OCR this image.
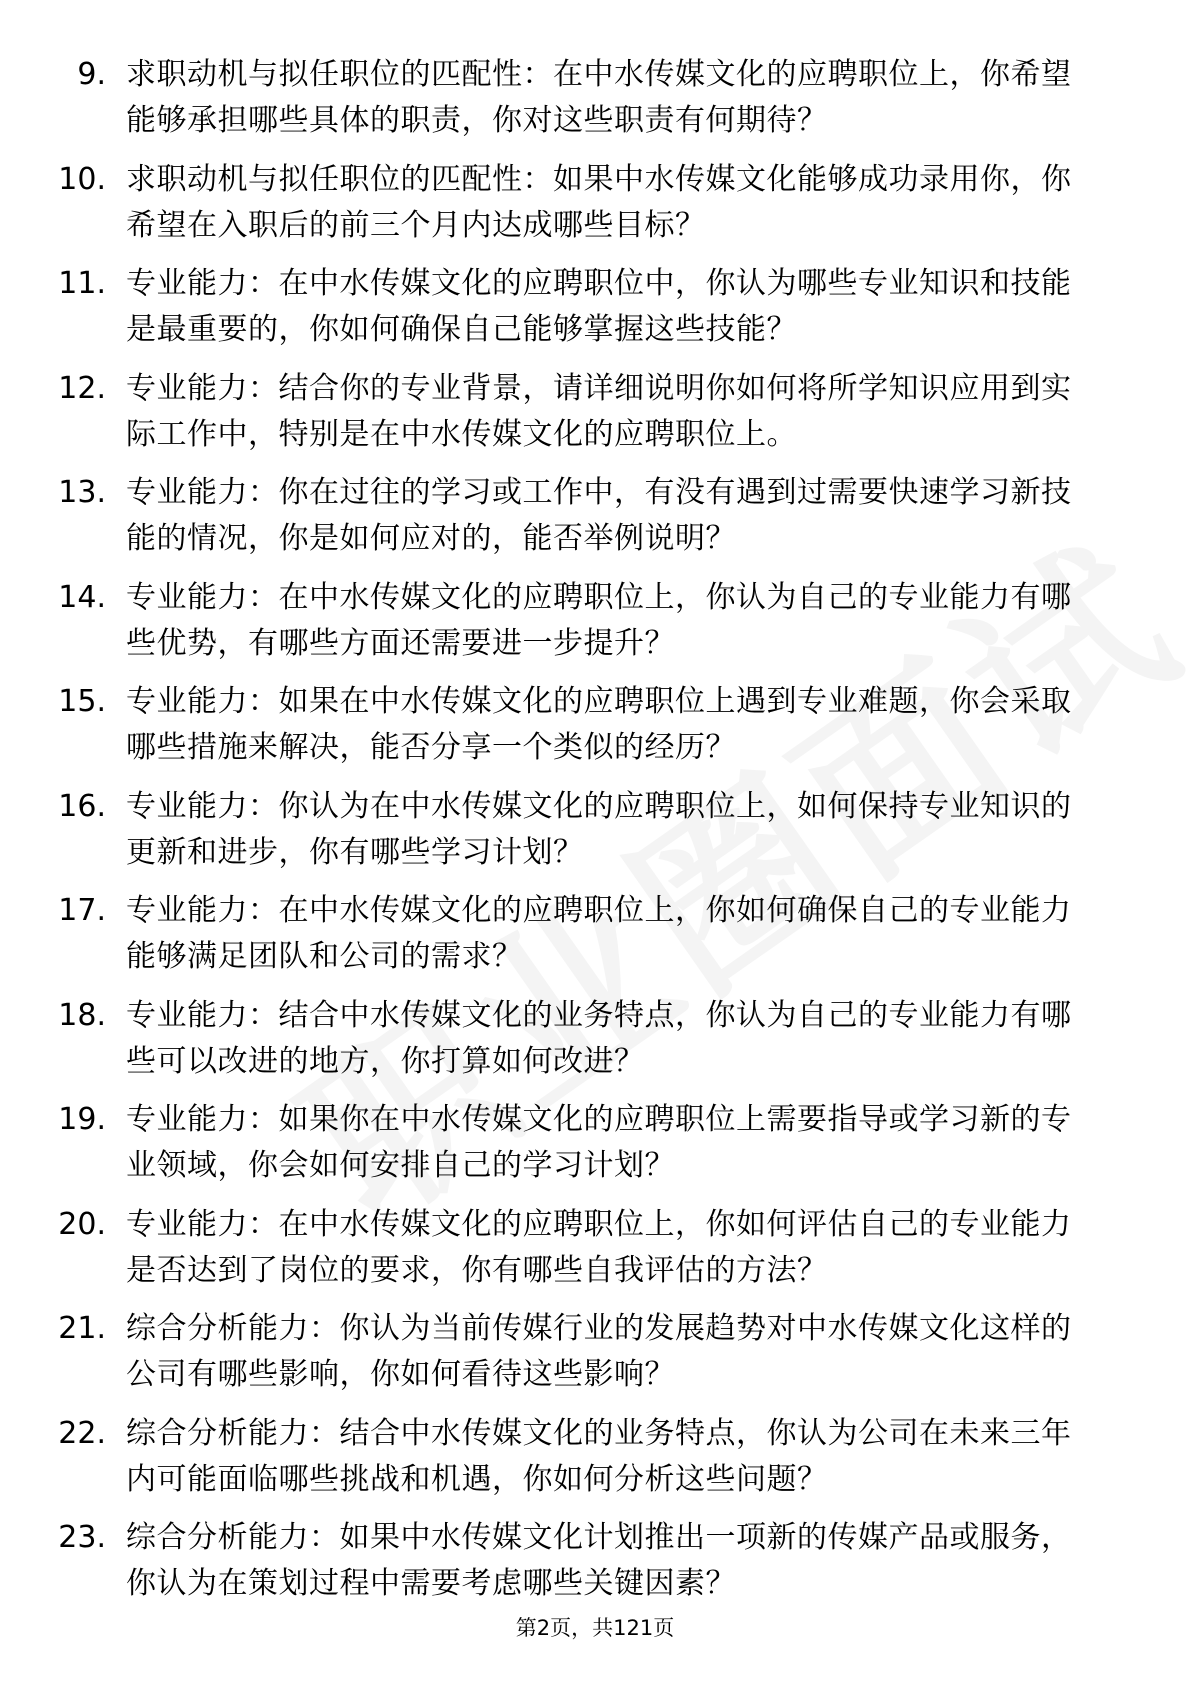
9. 求职动机与拟任职位的匹配性：在中水传媒文化的应聘职位上，你希望能够承担哪些具体的职责，你对这些职责有何期待？
10. 求职动机与拟任职位的匹配性：如果中水传媒文化能够成功录用你，你希望在入职后的前三个月内达成哪些目标？
11. 专业能力：在中水传媒文化的应聘职位中，你认为哪些专业知识和技能是最重要的，你如何确保自己能够掌握这些技能？
12. 专业能力：结合你的专业背景，请详细说明你如何将所学知识应用到实际工作中，特别是在中水传媒文化的应聘职位上。
13. 专业能力：你在过往的学习或工作中，有没有遇到过需要快速学习新技能的情况，你是如何应对的，能否举例说明？
14. 专业能力：在中水传媒文化的应聘职位上，你认为自己的专业能力有哪些优势，有哪些方面还需要进一步提升？
15. 专业能力：如果在中水传媒文化的应聘职位上遇到专业难题，你会采取哪些措施来解决，能否分享一个类似的经历？
16. 专业能力：你认为在中水传媒文化的应聘职位上，如何保持专业知识的更新和进步，你有哪些学习计划？
17. 专业能力：在中水传媒文化的应聘职位上，你如何确保自己的专业能力能够满足团队和公司的需求？
18. 专业能力：结合中水传媒文化的业务特点，你认为自己的专业能力有哪些可以改进的地方，你打算如何改进？
19. 专业能力：如果你在中水传媒文化的应聘职位上需要指导或学习新的专业领域，你会如何安排自己的学习计划？
20. 专业能力：在中水传媒文化的应聘职位上，你如何评估自己的专业能力是否达到了岗位的要求，你有哪些自我评估的方法？
21. 综合分析能力：你认为当前传媒行业的发展趋势对中水传媒文化这样的公司有哪些影响，你如何看待这些影响？
22. 综合分析能力：结合中水传媒文化的业务特点，你认为公司在未来三年内可能面临哪些挑战和机遇，你如何分析这些问题？
23. 综合分析能力：如果中水传媒文化计划推出一项新的传媒产品或服务，你认为在策划过程中需要考虑哪些关键因素？
第2页，共121页
